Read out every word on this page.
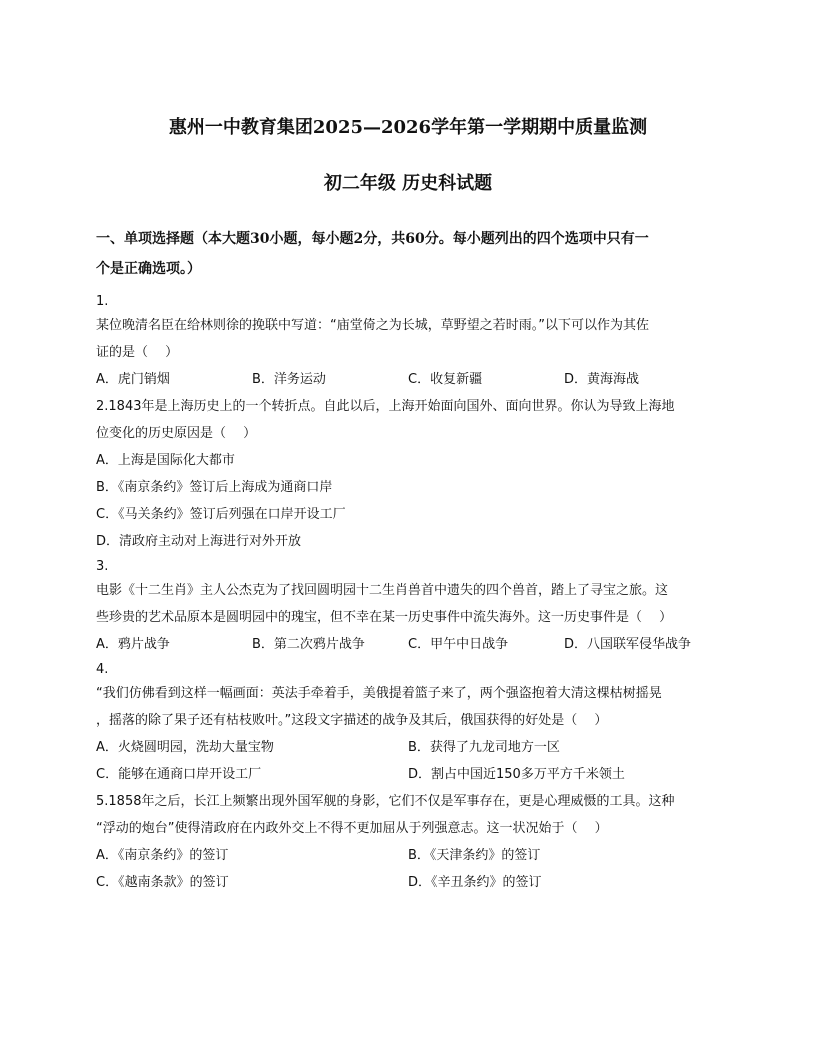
惠州一中教育集团2025—2026学年第一学期期中质量监测
初二年级 历史科试题
一、单项选择题（本大题30小题，每小题2分，共60分。每小题列出的四个选项中只有一
个是正确选项。）
1.
某位晚清名臣在给林则徐的挽联中写道：“庙堂倚之为长城，草野望之若时雨。”以下可以作为其佐
证的是（　 ）
A．虎门销烟	B．洋务运动	C．收复新疆	D．黄海海战
2.1843年是上海历史上的一个转折点。自此以后，上海开始面向国外、面向世界。你认为导致上海地
位变化的历史原因是（　 ）
A．上海是国际化大都市
B．《南京条约》签订后上海成为通商口岸
C．《马关条约》签订后列强在口岸开设工厂
D．清政府主动对上海进行对外开放
3.
电影《十二生肖》主人公杰克为了找回圆明园十二生肖兽首中遗失的四个兽首，踏上了寻宝之旅。这
些珍贵的艺术品原本是圆明园中的瑰宝，但不幸在某一历史事件中流失海外。这一历史事件是（　 ）
A．鸦片战争	B．第二次鸦片战争	C．甲午中日战争	D．八国联军侵华战争
4.
“我们仿佛看到这样一幅画面：英法手牵着手，美俄提着篮子来了，两个强盗抱着大清这棵枯树摇晃
，摇落的除了果子还有枯枝败叶。”这段文字描述的战争及其后，俄国获得的好处是（　 ）
A．火烧圆明园，洗劫大量宝物	B．获得了九龙司地方一区
C．能够在通商口岸开设工厂	D．割占中国近150多万平方千米领土
5.1858年之后，长江上频繁出现外国军舰的身影，它们不仅是军事存在，更是心理威慑的工具。这种
“浮动的炮台”使得清政府在内政外交上不得不更加屈从于列强意志。这一状况始于（　 ）
A．《南京条约》的签订	B．《天津条约》的签订
C．《越南条款》的签订	D．《辛丑条约》的签订
